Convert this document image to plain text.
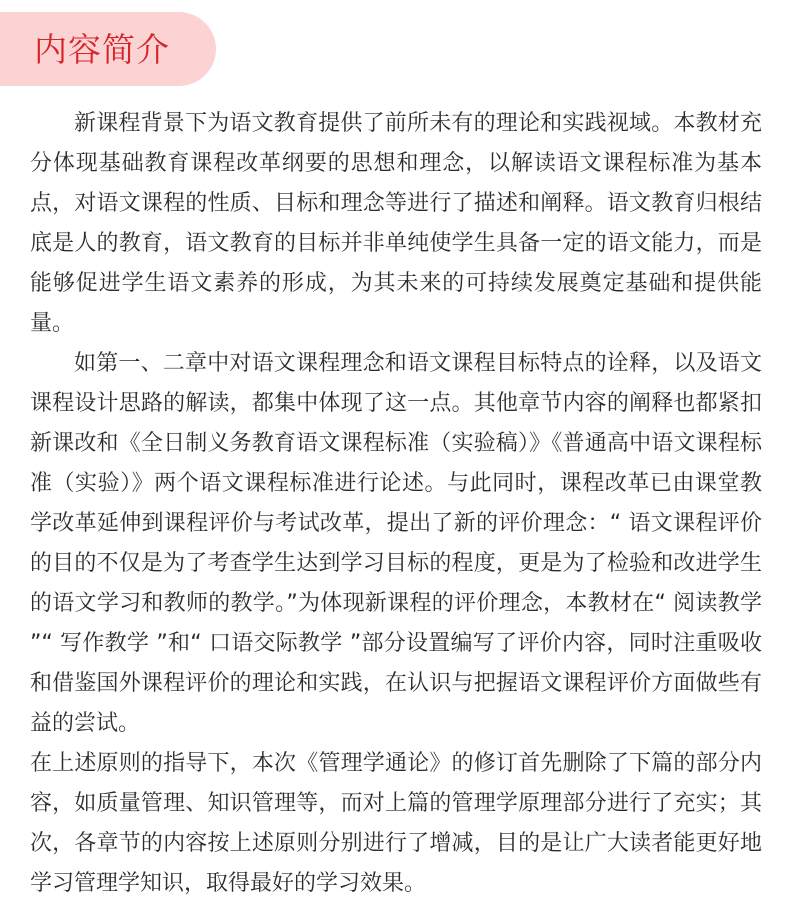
内容简介

新课程背景下为语文教育提供了前所未有的理论和实践视域。本教材充分体现基础教育课程改革纲要的思想和理念，以解读语文课程标准为基本点，对语文课程的性质、目标和理念等进行了描述和阐释。语文教育归根结底是人的教育，语文教育的目标并非单纯使学生具备一定的语文能力，而是能够促进学生语文素养的形成，为其未来的可持续发展奠定基础和提供能量。

如第一、二章中对语文课程理念和语文课程目标特点的诠释，以及语文课程设计思路的解读，都集中体现了这一点。其他章节内容的阐释也都紧扣新课改和《全日制义务教育语文课程标准（实验稿）》《普通高中语文课程标准（实验）》两个语文课程标准进行论述。与此同时，课程改革已由课堂教学改革延伸到课程评价与考试改革，提出了新的评价理念：“ 语文课程评价的目的不仅是为了考查学生达到学习目标的程度，更是为了检验和改进学生的语文学习和教师的教学。”为体现新课程的评价理念，本教材在“ 阅读教学 ”“ 写作教学 ”和“ 口语交际教学 ”部分设置编写了评价内容，同时注重吸收和借鉴国外课程评价的理论和实践，在认识与把握语文课程评价方面做些有益的尝试。

在上述原则的指导下，本次《管理学通论》的修订首先删除了下篇的部分内容，如质量管理、知识管理等，而对上篇的管理学原理部分进行了充实；其次，各章节的内容按上述原则分别进行了增减，目的是让广大读者能更好地学习管理学知识，取得最好的学习效果。
